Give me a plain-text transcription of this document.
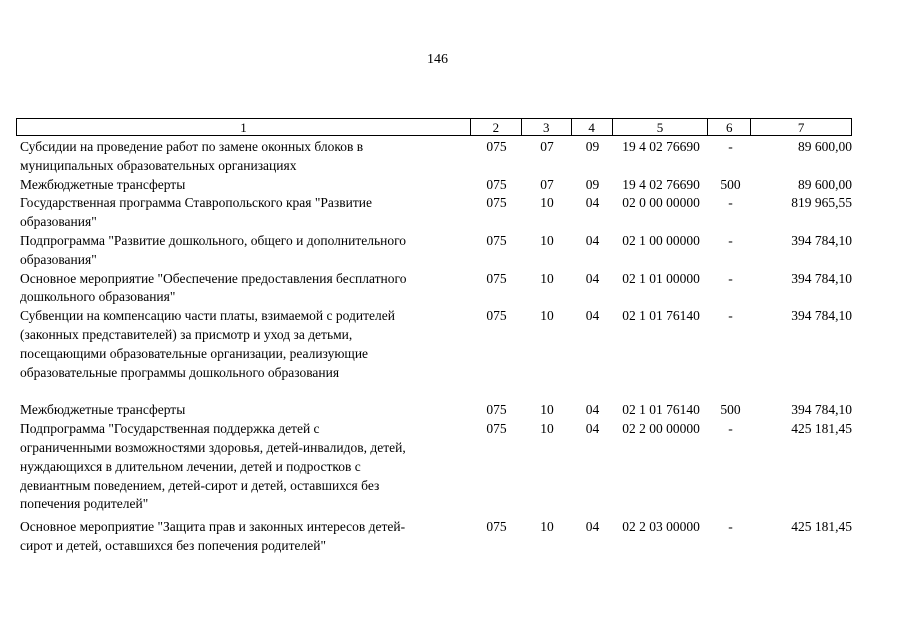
146
1	2	3	4	5	6	7
Субсидии на проведение работ по замене оконных блоков в
муниципальных образовательных организациях
075	07	09	19 4 02 76690	-	89 600,00
Межбюджетные трансферты	075	07	09	19 4 02 76690	500	89 600,00
Государственная программа Ставропольского края "Развитие
образования"
075	10	04	02 0 00 00000	-	819 965,55
Подпрограмма "Развитие дошкольного, общего и дополнительного
образования"
075	10	04	02 1 00 00000	-	394 784,10
Основное мероприятие "Обеспечение предоставления бесплатного
дошкольного образования"
075	10	04	02 1 01 00000	-	394 784,10
Субвенции на компенсацию части платы, взимаемой с родителей
(законных представителей) за присмотр и уход за детьми,
посещающими образовательные организации, реализующие
образовательные программы дошкольного образования
075	10	04	02 1 01 76140	-	394 784,10
Межбюджетные трансферты	075	10	04	02 1 01 76140	500	394 784,10
Подпрограмма "Государственная поддержка детей с
ограниченными возможностями здоровья, детей-инвалидов, детей,
нуждающихся в длительном лечении, детей и подростков с
девиантным поведением, детей-сирот и детей, оставшихся без
попечения родителей"
075	10	04	02 2 00 00000	-	425 181,45
Основное мероприятие "Защита прав и законных интересов детей-
сирот и детей, оставшихся без попечения родителей"
075	10	04	02 2 03 00000	-	425 181,45
